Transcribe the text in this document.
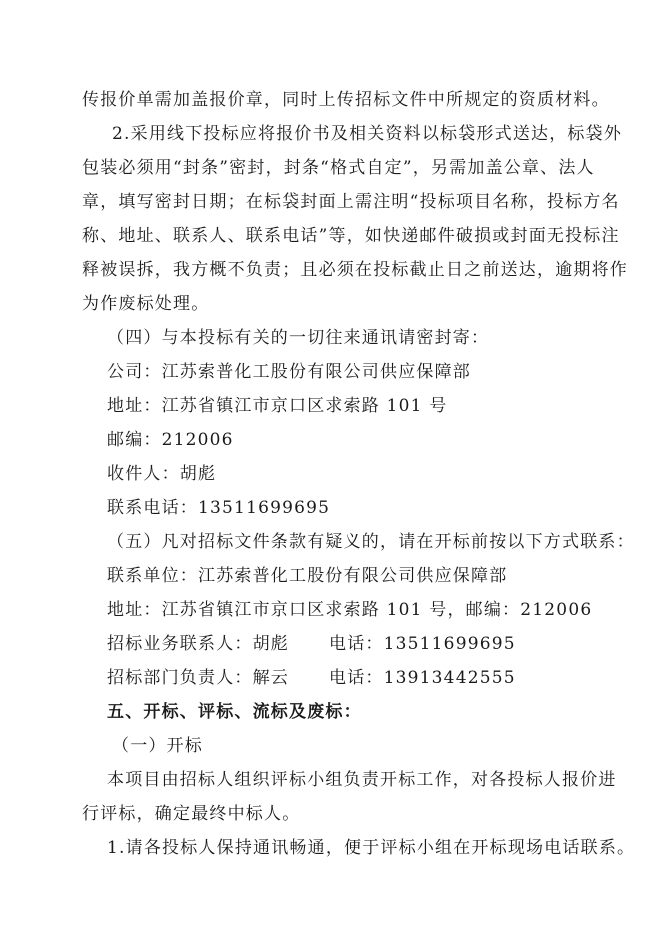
传报价单需加盖报价章，同时上传招标文件中所规定的资质材料。
2.采用线下投标应将报价书及相关资料以标袋形式送达，标袋外
包装必须用“封条”密封，封条“格式自定”，另需加盖公章、法人
章，填写密封日期；在标袋封面上需注明“投标项目名称，投标方名
称、地址、联系人、联系电话”等，如快递邮件破损或封面无投标注
释被误拆，我方概不负责；且必须在投标截止日之前送达，逾期将作
为作废标处理。
（四）与本投标有关的一切往来通讯请密封寄：
公司：江苏索普化工股份有限公司供应保障部
地址：江苏省镇江市京口区求索路 101 号
邮编：212006
收件人：胡彪
联系电话：13511699695
（五）凡对招标文件条款有疑义的，请在开标前按以下方式联系：
联系单位：江苏索普化工股份有限公司供应保障部
地址：江苏省镇江市京口区求索路 101 号，邮编：212006
招标业务联系人：胡彪 电话：13511699695
招标部门负责人：解云 电话：13913442555
五、开标、评标、流标及废标：
（一）开标
本项目由招标人组织评标小组负责开标工作，对各投标人报价进
行评标，确定最终中标人。
1.请各投标人保持通讯畅通，便于评标小组在开标现场电话联系。
